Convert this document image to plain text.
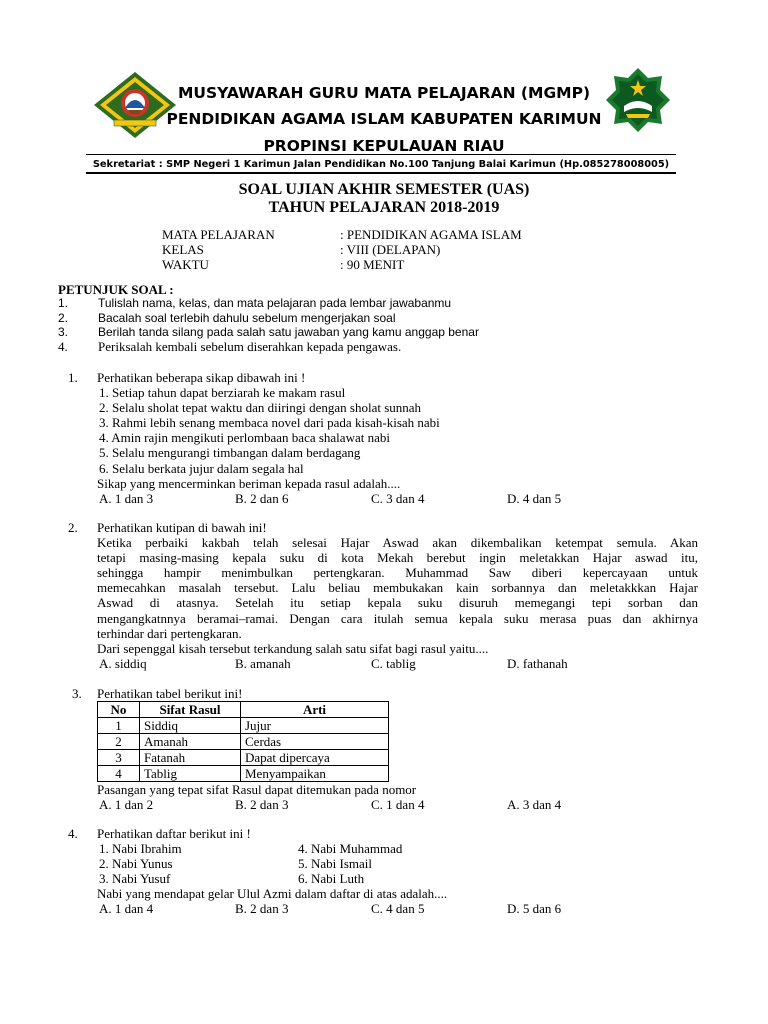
MUSYAWARAH GURU MATA PELAJARAN (MGMP)
PENDIDIKAN AGAMA ISLAM KABUPATEN KARIMUN
PROPINSI KEPULAUAN RIAU
Sekretariat : SMP Negeri 1 Karimun Jalan Pendidikan No.100 Tanjung Balai Karimun (Hp.085278008005)
SOAL UJIAN AKHIR SEMESTER (UAS)
TAHUN PELAJARAN 2018-2019
MATA PELAJARAN	: PENDIDIKAN AGAMA ISLAM
KELAS	: VIII (DELAPAN)
WAKTU	: 90 MENIT
PETUNJUK SOAL :
1.	Tulislah nama, kelas, dan mata pelajaran pada lembar jawabanmu
2.	Bacalah soal terlebih dahulu sebelum mengerjakan soal
3.	Berilah tanda silang pada salah satu jawaban yang kamu anggap benar
4.	Periksalah kembali sebelum diserahkan kepada pengawas.
1.	Perhatikan beberapa sikap dibawah ini !
1. Setiap tahun dapat berziarah ke makam rasul
2. Selalu sholat tepat waktu dan diiringi dengan sholat sunnah
3. Rahmi lebih senang membaca novel dari pada kisah-kisah nabi
4. Amin rajin mengikuti perlombaan baca shalawat nabi
5. Selalu mengurangi timbangan dalam berdagang
6. Selalu berkata jujur dalam segala hal
Sikap yang mencerminkan beriman kepada rasul adalah....
A. 1 dan 3	B. 2 dan 6	C. 3 dan 4	D. 4 dan 5
2.	Perhatikan kutipan di bawah ini!
Ketika perbaiki kakbah telah selesai Hajar Aswad akan dikembalikan ketempat semula. Akan
tetapi masing-masing kepala suku di kota Mekah berebut ingin meletakkan Hajar aswad itu,
sehingga hampir menimbulkan pertengkaran. Muhammad Saw diberi kepercayaan untuk
memecahkan masalah tersebut. Lalu beliau membukakan kain sorbannya dan meletakkkan Hajar
Aswad di atasnya. Setelah itu setiap kepala suku disuruh memegangi tepi sorban dan
mengangkatnnya beramai–ramai. Dengan cara itulah semua kepala suku merasa puas dan akhirnya
terhindar dari pertengkaran.
Dari sepenggal kisah tersebut terkandung salah satu sifat bagi rasul yaitu....
A. siddiq	B. amanah	C. tablig	D. fathanah
3.	Perhatikan tabel berikut ini!
No	Sifat Rasul	Arti
1	Siddiq	Jujur
2	Amanah	Cerdas
3	Fatanah	Dapat dipercaya
4	Tablig	Menyampaikan
Pasangan yang tepat sifat Rasul dapat ditemukan pada nomor
A. 1 dan 2	B. 2 dan 3	C. 1 dan 4	A. 3 dan 4
4.	Perhatikan daftar berikut ini !
1. Nabi Ibrahim	4. Nabi Muhammad
2. Nabi Yunus	5. Nabi Ismail
3. Nabi Yusuf	6. Nabi Luth
Nabi yang mendapat gelar Ulul Azmi dalam daftar di atas adalah....
A. 1 dan 4	B. 2 dan 3	C. 4 dan 5	D. 5 dan 6
